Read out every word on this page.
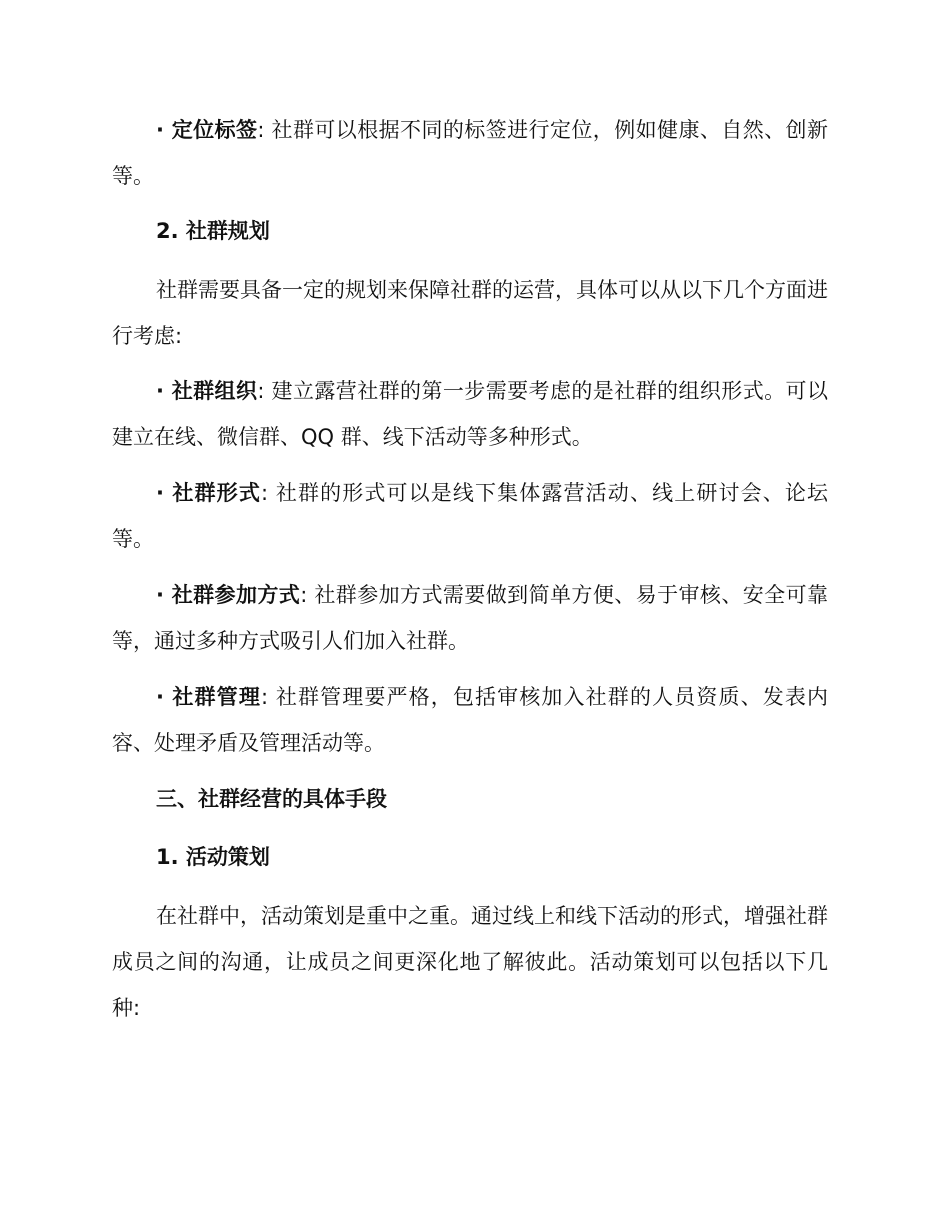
· 定位标签: 社群可以根据不同的标签进行定位，例如健康、自然、创新等。

2. 社群规划

社群需要具备一定的规划来保障社群的运营，具体可以从以下几个方面进行考虑:

· 社群组织: 建立露营社群的第一步需要考虑的是社群的组织形式。可以建立在线、微信群、QQ 群、线下活动等多种形式。

· 社群形式: 社群的形式可以是线下集体露营活动、线上研讨会、论坛等。

· 社群参加方式: 社群参加方式需要做到简单方便、易于审核、安全可靠等，通过多种方式吸引人们加入社群。

· 社群管理: 社群管理要严格，包括审核加入社群的人员资质、发表内容、处理矛盾及管理活动等。

三、社群经营的具体手段

1. 活动策划

在社群中，活动策划是重中之重。通过线上和线下活动的形式，增强社群成员之间的沟通，让成员之间更深化地了解彼此。活动策划可以包括以下几种:
